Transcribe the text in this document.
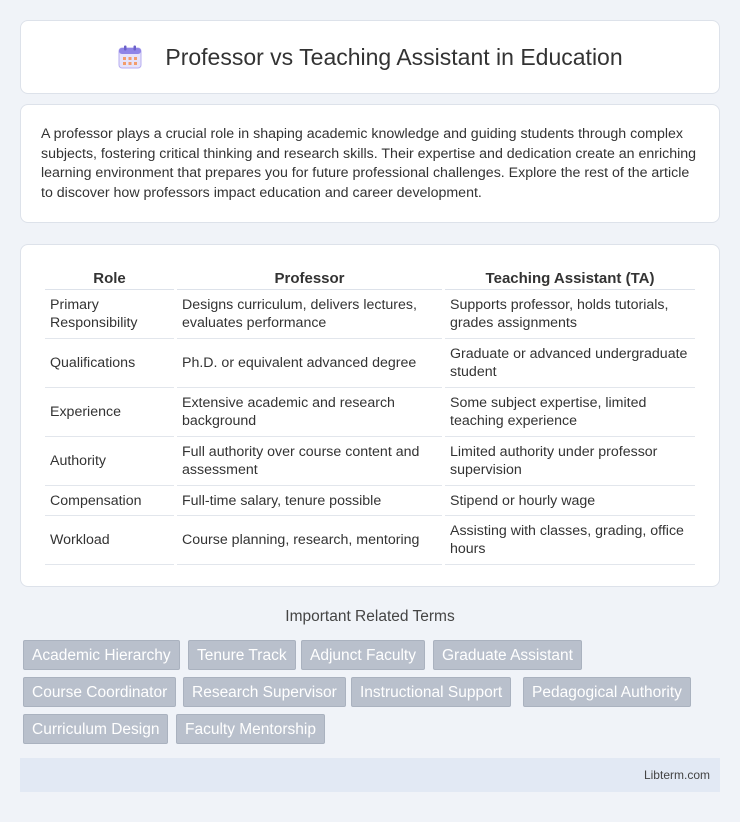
Professor vs Teaching Assistant in Education

A professor plays a crucial role in shaping academic knowledge and guiding students through complex subjects, fostering critical thinking and research skills. Their expertise and dedication create an enriching learning environment that prepares you for future professional challenges. Explore the rest of the article to discover how professors impact education and career development.

Role	Professor	Teaching Assistant (TA)
Primary Responsibility	Designs curriculum, delivers lectures, evaluates performance	Supports professor, holds tutorials, grades assignments
Qualifications	Ph.D. or equivalent advanced degree	Graduate or advanced undergraduate student
Experience	Extensive academic and research background	Some subject expertise, limited teaching experience
Authority	Full authority over course content and assessment	Limited authority under professor supervision
Compensation	Full-time salary, tenure possible	Stipend or hourly wage
Workload	Course planning, research, mentoring	Assisting with classes, grading, office hours
Important Related Terms
Academic Hierarchy	Tenure Track	Adjunct Faculty	Graduate Assistant
Course Coordinator	Research Supervisor	Instructional Support	Pedagogical Authority
Curriculum Design	Faculty Mentorship
Libterm.com
